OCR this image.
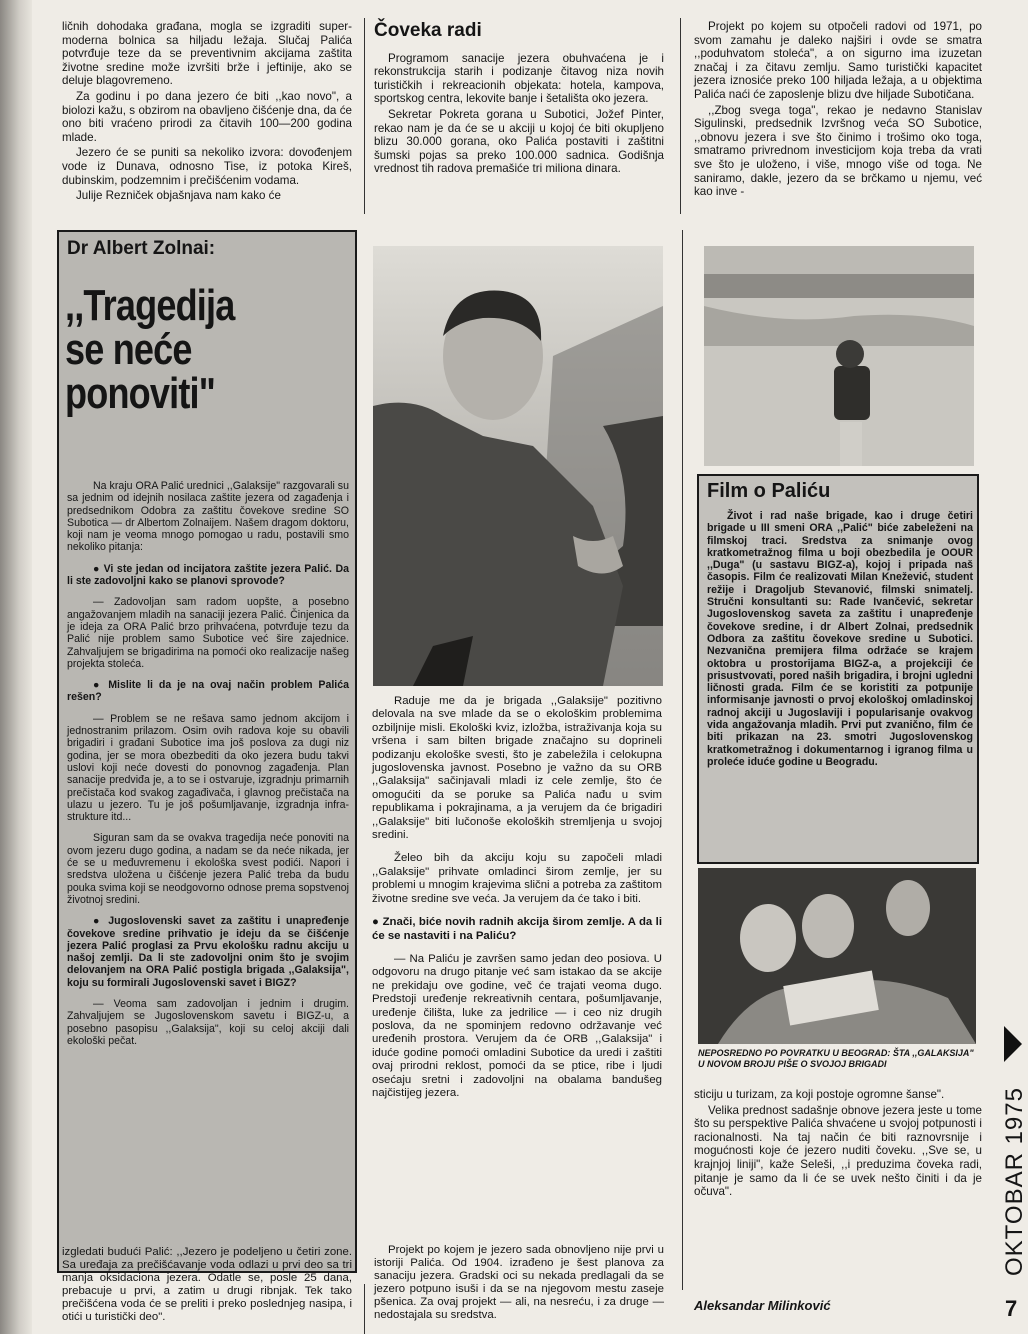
ličnih dohodaka građana, mogla se izgraditi super-moderna bolnica sa hiljadu ležaja. Slučaj Palića potvrđuje teze da se preventivnim akcijama zaštita životne sredine može izvršiti brže i jeftinije, ako se deluje blagovremeno.

Za godinu i po dana jezero će biti ,,kao novo", a biolozi kažu, s obzirom na obavljeno čišćenje dna, da će ono biti vraćeno prirodi za čitavih 100—200 godina mlade.

Jezero će se puniti sa nekoliko izvora: dovođenjem vode iz Dunava, odnosno Tise, iz potoka Kireš, dubinskim, podzemnim i prečišćenim vodama.

Julije Rezniček objašnjava nam kako će

Čoveka radi

Programom sanacije jezera obuhvaćena je i rekonstrukcija starih i podizanje čitavog niza novih turističkih i rekreacionih objekata: hotela, kampova, sportskog centra, lekovite banje i šetališta oko jezera.

Sekretar Pokreta gorana u Subotici, Jožef Pinter, rekao nam je da će se u akciji u kojoj će biti okupljeno blizu 30.000 gorana, oko Palića postaviti i zaštitni šumski pojas sa preko 100.000 sadnica. Godišnja vrednost tih radova premašiće tri miliona dinara.

Projekt po kojem su otpočeli radovi od 1971, po svom zamahu je daleko najširi i ovde se smatra ,,poduhvatom stoleća", a on sigurno ima izuzetan značaj i za čitavu zemlju. Samo turistički kapacitet jezera iznosiće preko 100 hiljada ležaja, a u objektima Palića naći će zaposlenje blizu dve hiljade Subotičana.

,,Zbog svega toga", rekao je nedavno Stanislav Sigulinski, predsednik Izvršnog veća SO Subotice, ,,obnovu jezera i sve što činimo i trošimo oko toga, smatramo privrednom investicijom koja treba da vrati sve što je uloženo, i više, mnogo više od toga. Ne saniramo, dakle, jezero da se brčkamo u njemu, već kao inve -

Dr Albert Zolnai:
,,Tragedija se neće ponoviti"

Na kraju ORA Palić urednici ,,Galaksije" razgovarali su sa jednim od idejnih nosilaca zaštite jezera od zagađenja i predsednikom Odobra za zaštitu čovekove sredine SO Subotica — dr Albertom Zolnaijem. Našem dragom doktoru, koji nam je veoma mnogo pomogao u radu, postavili smo nekoliko pitanja:

● Vi ste jedan od incijatora zaštite jezera Palić. Da li ste zadovoljni kako se planovi sprovode?

— Zadovoljan sam radom uopšte, a posebno angažovanjem mladih na sanaciji jezera Palić. Činjenica da je ideja za ORA Palić brzo prihvaćena, potvrđuje tezu da Palić nije problem samo Subotice već šire zajednice. Zahvaljujem se brigadirima na pomoći oko realizacije našeg projekta stoleća.

● Mislite li da je na ovaj način problem Palića rešen?

— Problem se ne rešava samo jednom akcijom i jednostranim prilazom. Osim ovih radova koje su obavili brigadiri i građani Subotice ima još poslova za dugi niz godina, jer se mora obezbediti da oko jezera budu takvi uslovi koji neće dovesti do ponovnog zagađenja. Plan sanacije predviđa je, a to se i ostvaruje, izgradnju primarnih prečistača kod svakog zagađivača, i glavnog prečistača na ulazu u jezero. Tu je još pošumljavanje, izgradnja infra-strukture itd...

Siguran sam da se ovakva tragedija neće ponoviti na ovom jezeru dugo godina, a nadam se da neće nikada, jer će se u međuvremenu i ekološka svest podići. Napori i sredstva uložena u čišćenje jezera Palić treba da budu pouka svima koji se neodgovorno odnose prema sopstvenoj životnoj sredini.

● Jugoslovenski savet za zaštitu i unapređenje čovekove sredine prihvatio je ideju da se čišćenje jezera Palić proglasi za Prvu ekološku radnu akciju u našoj zemlji. Da li ste zadovoljni onim što je svojim delovanjem na ORA Palić postigla brigada ,,Galaksija", koju su formirali Jugoslovenski savet i BIGZ?

— Veoma sam zadovoljan i jednim i drugim. Zahvaljujem se Jugoslovenskom savetu i BIGZ-u, a posebno pasopisu ,,Galaksija", koji su celoj akciji dali ekološki pečat.

Raduje me da je brigada ,,Galaksije" pozitivno delovala na sve mlade da se o ekološkim problemima ozbiljnije misli. Ekološki kviz, izložba, istraživanja koja su vršena i sam bilten brigade značajno su doprineli podizanju ekološke svesti, što je zabeležila i celokupna jugoslovenska javnost. Posebno je važno da su ORB ,,Galaksija" sačinjavali mladi iz cele zemlje, što će omogućiti da se poruke sa Palića nađu u svim republikama i pokrajinama, a ja verujem da će brigadiri ,,Galaksije" biti lučonoše ekoloških stremljenja u svojoj sredini.

Želeo bih da akciju koju su započeli mladi ,,Galaksije" prihvate omladinci širom zemlje, jer su problemi u mnogim krajevima slični a potreba za zaštitom životne sredine sve veća. Ja verujem da će tako i biti.

● Znači, biće novih radnih akcija širom zemlje. A da li će se nastaviti i na Paliću?

— Na Paliću je završen samo jedan deo posiova. U odgovoru na drugo pitanje već sam istakao da se akcije ne prekidaju ove godine, več će trajati veoma dugo. Predstoji uređenje rekreativnih centara, pošumljavanje, uređenje čilišta, luke za jedrilice — i ceo niz drugih poslova, da ne spominjem redovno održavanje već uređenih prostora. Verujem da će ORB ,,Galaksija" i iduće godine pomoći omladini Subotice da uredi i zaštiti ovaj prirodni reklost, pomoći da se ptice, ribe i ljudi osećaju sretni i zadovoljni na obalama bandušeg najčistijeg jezera.

Film o Paliću

Život i rad naše brigade, kao i druge četiri brigade u III smeni ORA ,,Palić" biće zabeleženi na filmskoj traci. Sredstva za snimanje ovog kratkometražnog filma u boji obezbedila je OOUR ,,Duga" (u sastavu BIGZ-a), kojoj i pripada naš časopis. Film će realizovati Milan Knežević, student režije i Dragoljub Stevanović, filmski snimatelj. Stručni konsultanti su: Rade Ivančević, sekretar Jugoslovenskog saveta za zaštitu i unapređenje čovekove sredine, i dr Albert Zolnai, predsednik Odbora za zaštitu čovekove sredine u Subotici. Nezvanična premijera filma održaće se krajem oktobra u prostorijama BIGZ-a, a projekciji će prisustvovati, pored naših brigadira, i brojni ugledni ličnosti grada. Film će se koristiti za potpunije informisanje javnosti o prvoj ekološkoj omladinskoj radnoj akciji u Jugoslaviji i popularisanje ovakvog vida angažovanja mladih. Prvi put zvanično, film će biti prikazan na 23. smotri Jugoslovenskog kratkometražnog i dokumentarnog i igranog filma u proleće iduće godine u Beogradu.

NEPOSREDNO PO POVRATKU U BEOGRAD: ŠTA ,,GALAKSIJA" U NOVOM BROJU PIŠE O SVOJOJ BRIGADI

sticiju u turizam, za koji postoje ogromne šanse".

Velika prednost sadašnje obnove jezera jeste u tome što su perspektive Palića shvaćene u svojoj potpunosti i racionalnosti. Na taj način će biti raznovrsnije i mogućnosti koje će jezero nuditi čoveku. ,,Sve se, u krajnjoj liniji", kaže Seleši, ,,i preduzima čoveka radi, pitanje je samo da li će se uvek nešto činiti i da je očuva".

Aleksandar Milinković

izgledati budući Palić: ,,Jezero je podeljeno u četiri zone. Sa uređaja za prečišćavanje voda odlazi u prvi deo sa tri manja oksidaciona jezera. Odatle se, posle 25 dana, prebacuje u prvi, a zatim u drugi ribnjak. Tek tako prečišćena voda će se preliti i preko poslednjeg nasipa, i otići u turistički deo".

Projekt po kojem je jezero sada obnovljeno nije prvi u istoriji Palića. Od 1904. izrađeno je šest planova za sanaciju jezera. Gradski oci su nekada predlagali da se jezero potpuno isuši i da se na njegovom mestu zaseje pšenica. Za ovaj projekt — ali, na nesreću, i za druge — nedostajala su sredstva.

OKTOBAR 1975
7
